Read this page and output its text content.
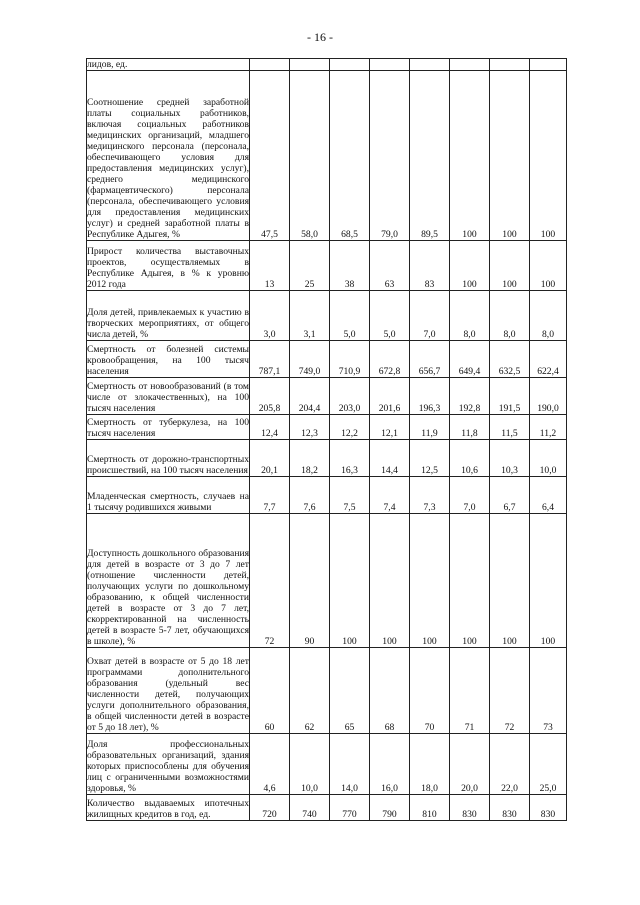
- 16 -
лидов, ед.								
Соотношение средней заработной платы социальных работников, включая социальных работников медицинских организаций, младшего медицинского персонала (персонала, обеспечивающего условия для предоставления медицинских услуг), среднего медицинского (фармацевтического) персонала (персонала, обеспечивающего условия для предоставления медицинских услуг) и средней заработной платы в Республике Адыгея, %	47,5	58,0	68,5	79,0	89,5	100	100	100
Прирост количества выставочных проектов, осуществляемых в Республике Адыгея, в % к уровню 2012 года	13	25	38	63	83	100	100	100
Доля детей, привлекаемых к участию в творческих мероприятиях, от общего числа детей, %	3,0	3,1	5,0	5,0	7,0	8,0	8,0	8,0
Смертность от болезней системы кровообращения, на 100 тысяч населения	787,1	749,0	710,9	672,8	656,7	649,4	632,5	622,4
Смертность от новообразований (в том числе от злокачественных), на 100 тысяч населения	205,8	204,4	203,0	201,6	196,3	192,8	191,5	190,0
Смертность от туберкулеза, на 100 тысяч населения	12,4	12,3	12,2	12,1	11,9	11,8	11,5	11,2
Смертность от дорожно-транспортных происшествий, на 100 тысяч населения	20,1	18,2	16,3	14,4	12,5	10,6	10,3	10,0
Младенческая смертность, случаев на 1 тысячу родившихся живыми	7,7	7,6	7,5	7,4	7,3	7,0	6,7	6,4
Доступность дошкольного образования для детей в возрасте от 3 до 7 лет (отношение численности детей, получающих услуги по дошкольному образованию, к общей численности детей в возрасте от 3 до 7 лет, скорректированной на численность детей в возрасте 5-7 лет, обучающихся в школе), %	72	90	100	100	100	100	100	100
Охват детей в возрасте от 5 до 18 лет программами дополнительного образования (удельный вес численности детей, получающих услуги дополнительного образования, в общей численности детей в возрасте от 5 до 18 лет), %	60	62	65	68	70	71	72	73
Доля профессиональных образовательных организаций, здания которых приспособлены для обучения лиц с ограниченными возможностями здоровья, %	4,6	10,0	14,0	16,0	18,0	20,0	22,0	25,0
Количество выдаваемых ипотечных жилищных кредитов в год, ед.	720	740	770	790	810	830	830	830
